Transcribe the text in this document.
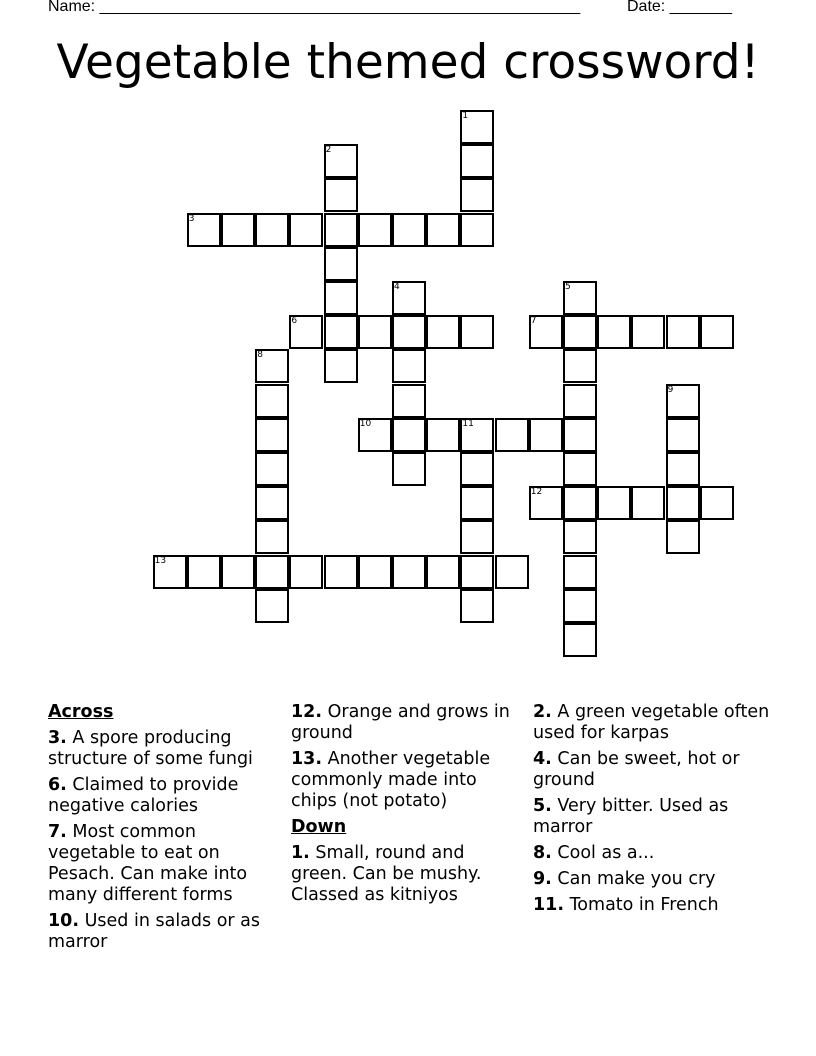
Name: ______________________________________________________	Date: _______
Vegetable themed crossword!
3
6	7
10	11
12
13
1
2
4	5
8
9
Across
3. A spore producing structure of some fungi
6. Claimed to provide negative calories
7. Most common vegetable to eat on Pesach. Can make into many different forms
10. Used in salads or as marror
12. Orange and grows in ground
13. Another vegetable commonly made into chips (not potato)
Down
1. Small, round and green. Can be mushy. Classed as kitniyos
2. A green vegetable often used for karpas
4. Can be sweet, hot or ground
5. Very bitter. Used as marror
8. Cool as a...
9. Can make you cry
11. Tomato in French
